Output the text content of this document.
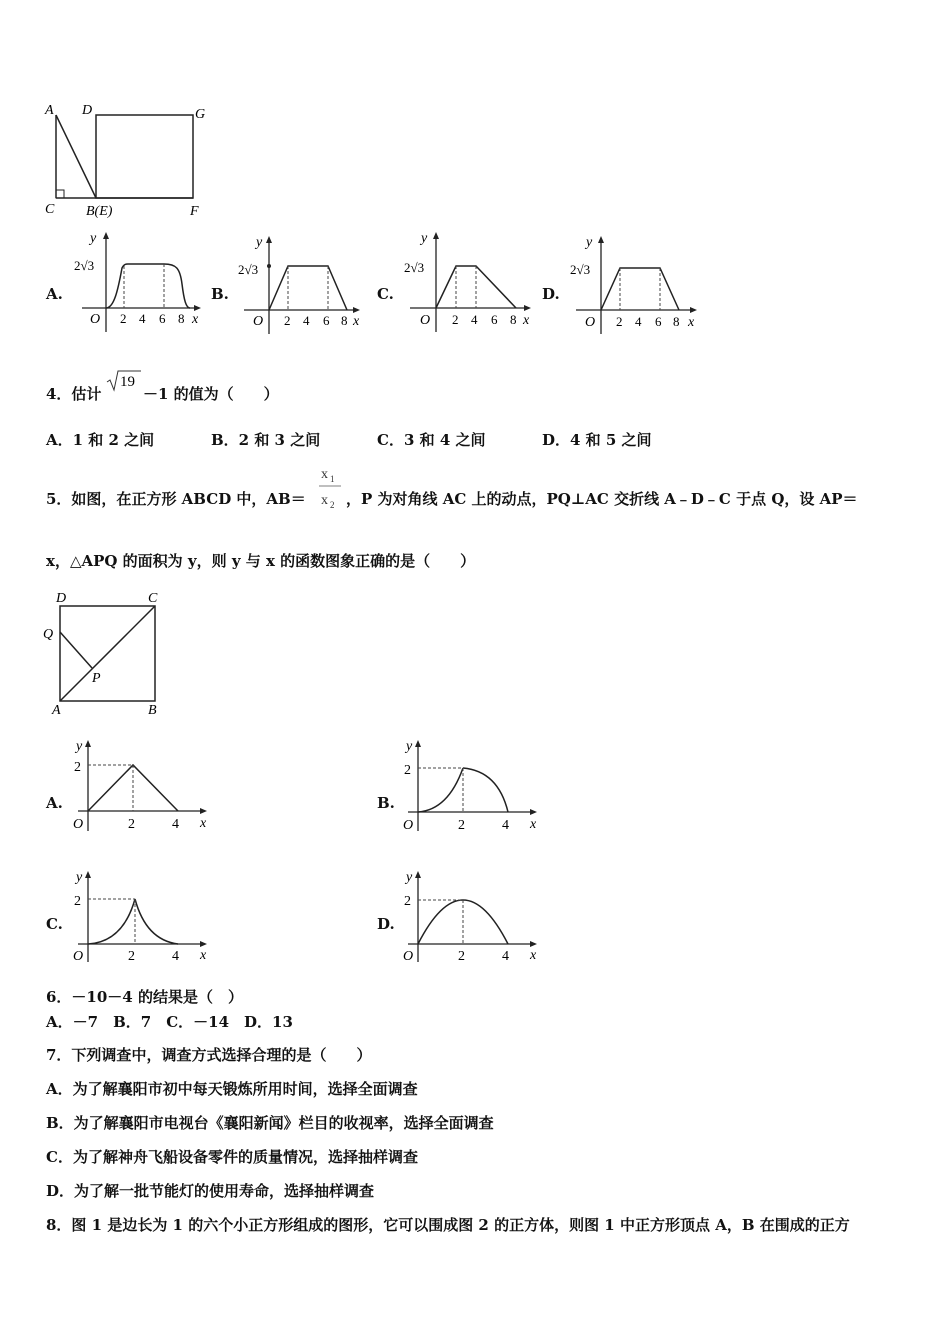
A D	G
C B(E)	F
A.
y
2√3
O 2 4 6 8 x
B.
y
2√3
O 2 4 6 8 x
C.
y
2√3
O 2 4 6 8 x
D.
y
2√3
O 2 4 6 8 x
4．估计
19
－1 的值为（　　）
A．1 和 2 之间	B．2 和 3 之间	C．3 和 4 之间	D．4 和 5 之间
5．如图，在正方形 ABCD 中，AB＝
x 1
x 2 ，P 为对角线 AC 上的动点，PQ⊥AC 交折线 A﹣D﹣C 于点 Q，设 AP＝
x，△APQ 的面积为 y，则 y 与 x 的函数图象正确的是（　　）
D	C
Q
P
A	B
A.
y
2
O	2	4 x
B.
y
2
O	2	4 x
C.
y
2
O	2	4 x
D.
y
2
O	2	4 x
6．－10－4 的结果是（　）
A．－7　B．7　C．－14　D．13
7．下列调查中，调查方式选择合理的是（　　）
A．为了解襄阳市初中每天锻炼所用时间，选择全面调查
B．为了解襄阳市电视台《襄阳新闻》栏目的收视率，选择全面调查
C．为了解神舟飞船设备零件的质量情况，选择抽样调查
D．为了解一批节能灯的使用寿命，选择抽样调查
8．图 1 是边长为 1 的六个小正方形组成的图形，它可以围成图 2 的正方体，则图 1 中正方形顶点 A，B 在围成的正方
